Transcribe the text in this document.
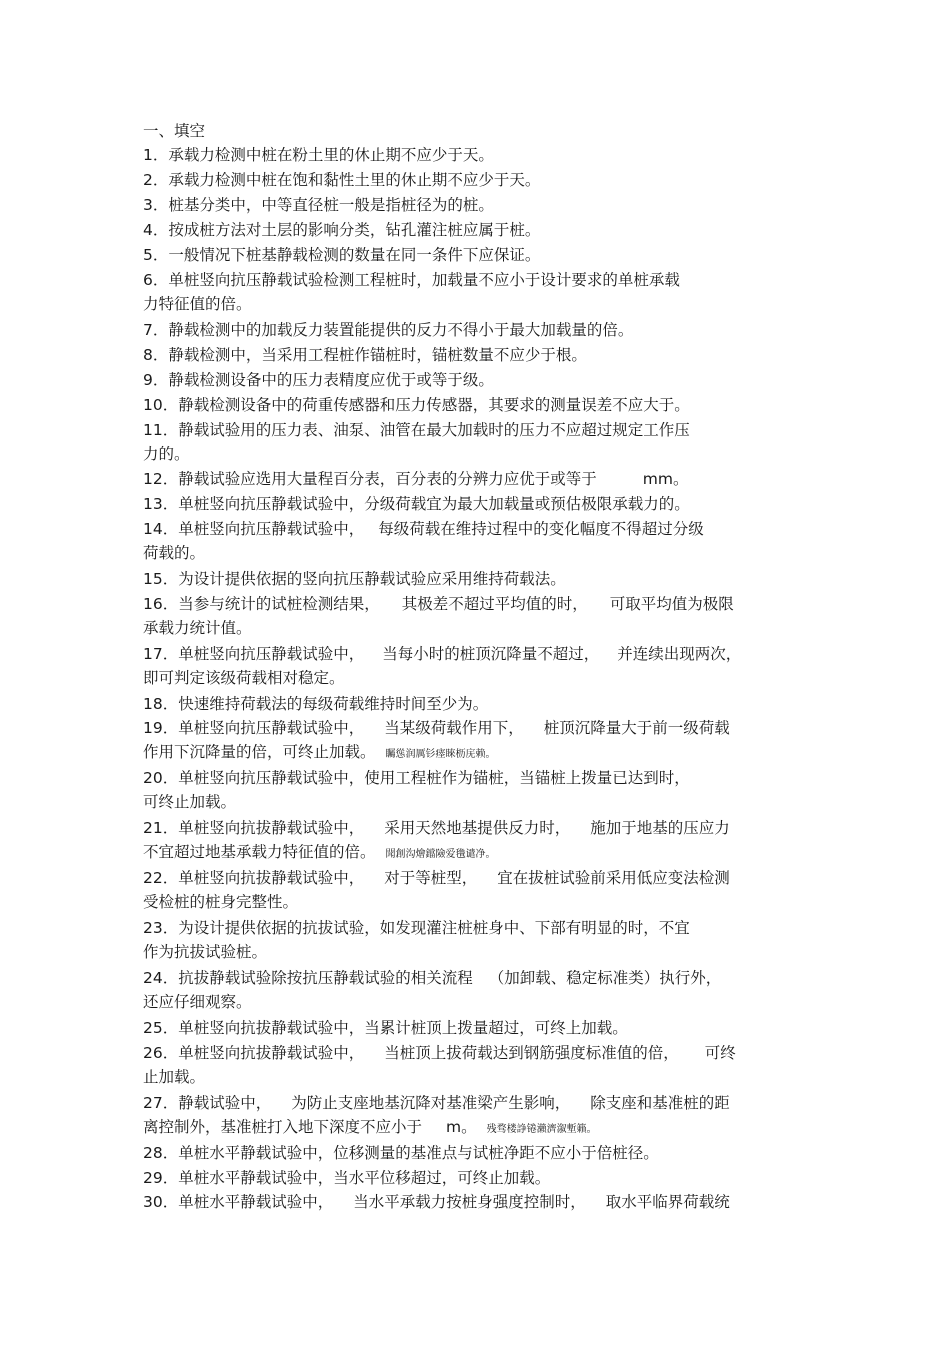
一、填空
1．承载力检测中桩在粉土里的休止期不应少于天。
2．承载力检测中桩在饱和黏性土里的休止期不应少于天。
3．桩基分类中，中等直径桩一般是指桩径为的桩。
4．按成桩方法对土层的影响分类，钻孔灌注桩应属于桩。
5．一般情况下桩基静载检测的数量在同一条件下应保证。
6．单桩竖向抗压静载试验检测工程桩时，加载量不应小于设计要求的单桩承载
力特征值的倍。
7．静载检测中的加载反力装置能提供的反力不得小于最大加载量的倍。
8．静载检测中，当采用工程桩作锚桩时，锚桩数量不应少于根。
9．静载检测设备中的压力表精度应优于或等于级。
10．静载检测设备中的荷重传感器和压力传感器，其要求的测量误差不应大于。
11．静载试验用的压力表、油泵、油管在最大加载时的压力不应超过规定工作压
力的。
12．静载试验应选用大量程百分表，百分表的分辨力应优于或等于	mm。
13．单桩竖向抗压静载试验中，分级荷载宜为最大加载量或预估极限承载力的。
14．单桩竖向抗压静载试验中， 每级荷载在维持过程中的变化幅度不得超过分级
荷载的。
15．为设计提供依据的竖向抗压静载试验应采用维持荷载法。
16．当参与统计的试桩检测结果， 其极差不超过平均值的时， 可取平均值为极限
承载力统计值。
17．单桩竖向抗压静载试验中， 当每小时的桩顶沉降量不超过， 并连续出现两次，
即可判定该级荷载相对稳定。
18．快速维持荷载法的每级荷载维持时间至少为。
19．单桩竖向抗压静载试验中， 当某级荷载作用下， 桩顶沉降量大于前一级荷载
作用下沉降量的倍，可终止加载。 矚慫润厲钐瘗睞枥庑赖。
20．单桩竖向抗压静载试验中，使用工程桩作为锚桩，当锚桩上拨量已达到时，
可终止加载。
21．单桩竖向抗拔静载试验中， 采用天然地基提供反力时， 施加于地基的压应力
不宜超过地基承载力特征值的倍。 聞創沟燴鐺險爱氇谴净。
22．单桩竖向抗拔静载试验中， 对于等桩型， 宜在拔桩试验前采用低应变法检测
受检桩的桩身完整性。
23．为设计提供依据的抗拔试验，如发现灌注桩桩身中、下部有明显的时，不宜
作为抗拔试验桩。
24．抗拔静载试验除按抗压静载试验的相关流程 （加卸载、稳定标准类）执行外，
还应仔细观察。
25．单桩竖向抗拔静载试验中，当累计桩顶上拨量超过，可终上加载。
26．单桩竖向抗拔静载试验中， 当桩顶上拔荷载达到钢筋强度标准值的倍， 可终
止加载。
27．静载试验中， 为防止支座地基沉降对基准梁产生影响， 除支座和基准桩的距
离控制外，基准桩打入地下深度不应小于 m。 残骛楼諍锩瀨濟溆塹籟。
28．单桩水平静载试验中，位移测量的基准点与试桩净距不应小于倍桩径。
29．单桩水平静载试验中，当水平位移超过，可终止加载。
30．单桩水平静载试验中， 当水平承载力按桩身强度控制时， 取水平临界荷载统
